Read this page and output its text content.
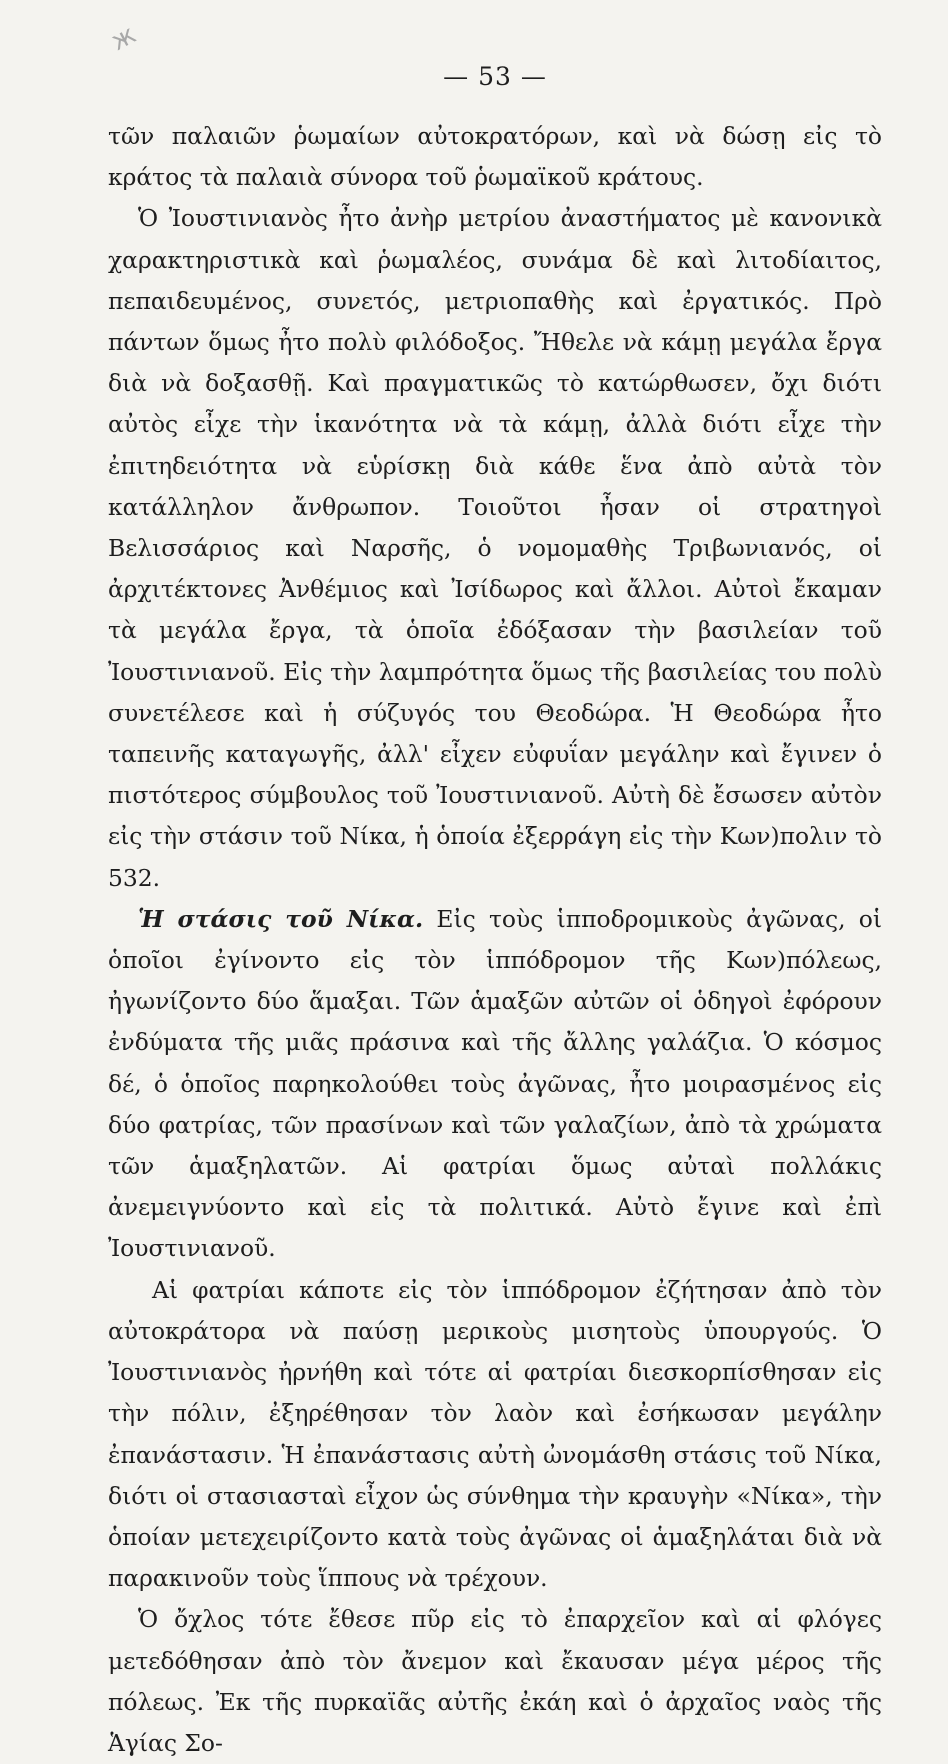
ж
— 53 —

τῶν παλαιῶν ῥωμαίων αὐτοκρατόρων, καὶ νὰ δώσῃ εἰς τὸ κράτος τὰ παλαιὰ σύνορα τοῦ ῥωμαϊκοῦ κράτους.

Ὁ Ἰουστινιανὸς ἦτο ἀνὴρ μετρίου ἀναστήματος μὲ κανονικὰ χαρακτηριστικὰ καὶ ῥωμαλέος, συνάμα δὲ καὶ λιτοδίαιτος, πεπαιδευμένος, συνετός, μετριοπαθὴς καὶ ἐργατικός. Πρὸ πάντων ὅμως ἦτο πολὺ φιλόδοξος. Ἤθελε νὰ κάμῃ μεγάλα ἔργα διὰ νὰ δοξασθῇ. Καὶ πραγματικῶς τὸ κατώρθωσεν, ὄχι διότι αὐτὸς εἶχε τὴν ἱκανότητα νὰ τὰ κάμῃ, ἀλλὰ διότι εἶχε τὴν ἐπιτηδειότητα νὰ εὑρίσκῃ διὰ κάθε ἕνα ἀπὸ αὐτὰ τὸν κατάλληλον ἄνθρωπον. Τοιοῦτοι ἦσαν οἱ στρατηγοὶ Βελισσάριος καὶ Ναρσῆς, ὁ νομομαθὴς Τριβωνιανός, οἱ ἀρχιτέκτονες Ἀνθέμιος καὶ Ἰσίδωρος καὶ ἄλλοι. Αὐτοὶ ἔκαμαν τὰ μεγάλα ἔργα, τὰ ὁποῖα ἐδόξασαν τὴν βασιλείαν τοῦ Ἰουστινιανοῦ. Εἰς τὴν λαμπρότητα ὅμως τῆς βασιλείας του πολὺ συνετέλεσε καὶ ἡ σύζυγός του Θεοδώρα. Ἡ Θεοδώρα ἦτο ταπεινῆς καταγωγῆς, ἀλλ' εἶχεν εὐφυΐαν μεγάλην καὶ ἔγινεν ὁ πιστότερος σύμβουλος τοῦ Ἰουστινιανοῦ. Αὐτὴ δὲ ἔσωσεν αὐτὸν εἰς τὴν στάσιν τοῦ Νίκα, ἡ ὁποία ἐξερράγη εἰς τὴν Κων)πολιν τὸ 532.

Ἡ στάσις τοῦ Νίκα. Εἰς τοὺς ἱπποδρομικοὺς ἀγῶνας, οἱ ὁποῖοι ἐγίνοντο εἰς τὸν ἱππόδρομον τῆς Κων)πόλεως, ἠγωνίζοντο δύο ἅμαξαι. Τῶν ἁμαξῶν αὐτῶν οἱ ὁδηγοὶ ἐφόρουν ἐνδύματα τῆς μιᾶς πράσινα καὶ τῆς ἄλλης γαλάζια. Ὁ κόσμος δέ, ὁ ὁποῖος παρηκολούθει τοὺς ἀγῶνας, ἦτο μοιρασμένος εἰς δύο φατρίας, τῶν πρασίνων καὶ τῶν γαλαζίων, ἀπὸ τὰ χρώματα τῶν ἁμαξηλατῶν. Αἱ φατρίαι ὅμως αὐταὶ πολλάκις ἀνεμειγνύοντο καὶ εἰς τὰ πολιτικά. Αὐτὸ ἔγινε καὶ ἐπὶ Ἰουστινιανοῦ.

Αἱ φατρίαι κάποτε εἰς τὸν ἱππόδρομον ἐζήτησαν ἀπὸ τὸν αὐτοκράτορα νὰ παύσῃ μερικοὺς μισητοὺς ὑπουργούς. Ὁ Ἰουστινιανὸς ἠρνήθη καὶ τότε αἱ φατρίαι διεσκορπίσθησαν εἰς τὴν πόλιν, ἐξηρέθησαν τὸν λαὸν καὶ ἐσήκωσαν μεγάλην ἐπανάστασιν. Ἡ ἐπανάστασις αὐτὴ ὠνομάσθη στάσις τοῦ Νίκα, διότι οἱ στασιασταὶ εἶχον ὡς σύνθημα τὴν κραυγὴν «Νίκα», τὴν ὁποίαν μετεχειρίζοντο κατὰ τοὺς ἀγῶνας οἱ ἁμαξηλάται διὰ νὰ παρακινοῦν τοὺς ἵππους νὰ τρέχουν.

Ὁ ὄχλος τότε ἔθεσε πῦρ εἰς τὸ ἐπαρχεῖον καὶ αἱ φλόγες μετεδόθησαν ἀπὸ τὸν ἄνεμον καὶ ἔκαυσαν μέγα μέρος τῆς πόλεως. Ἐκ τῆς πυρκαϊᾶς αὐτῆς ἐκάη καὶ ὁ ἀρχαῖος ναὸς τῆς Ἁγίας Σο-
